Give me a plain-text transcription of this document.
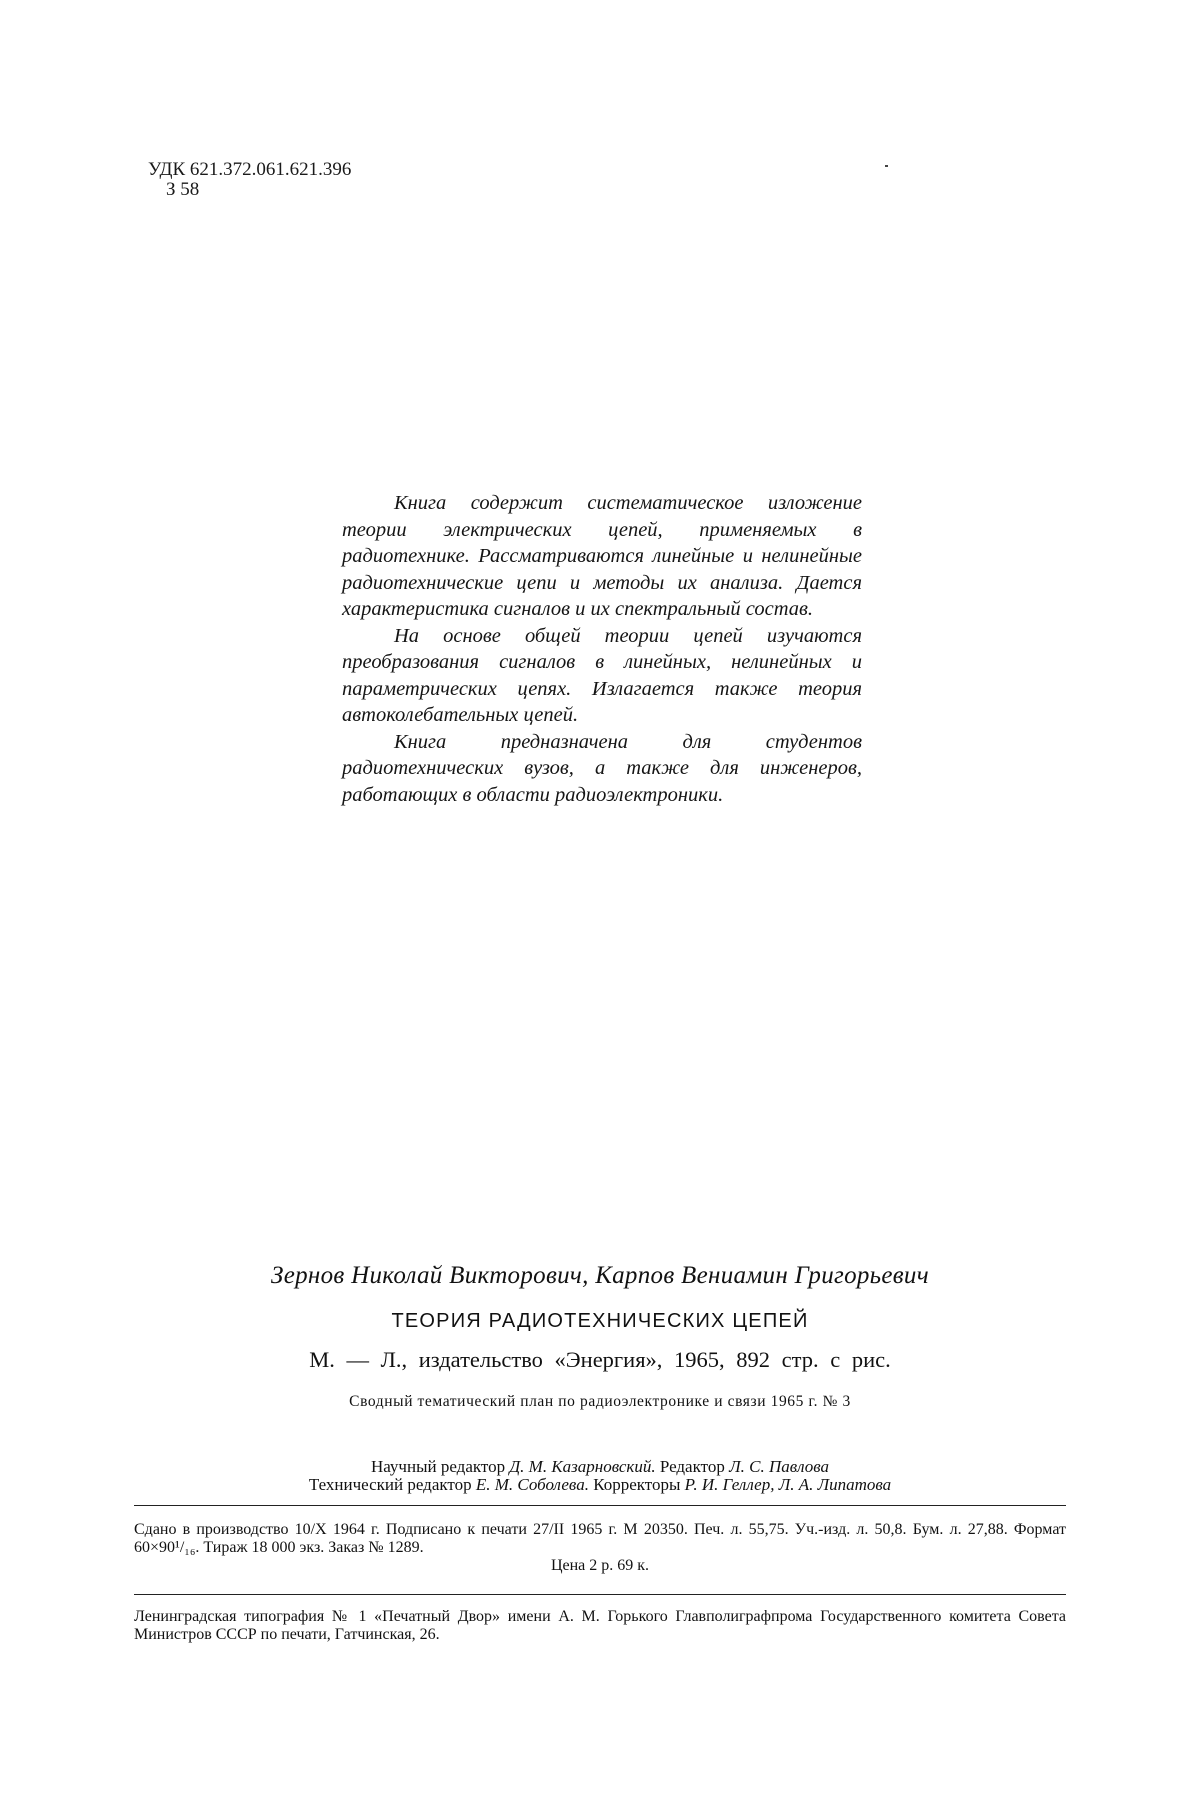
УДК 621.372.061.621.396
З 58

Книга содержит систематическое изложение теории электрических цепей, применяемых в радиотехнике. Рассматриваются линейные и нелинейные радиотехнические цепи и методы их анализа. Дается характеристика сигналов и их спектральный состав.

На основе общей теории цепей изучаются преобразования сигналов в линейных, нелинейных и параметрических цепях. Излагается также теория автоколебательных цепей.

Книга предназначена для студентов радиотехнических вузов, а также для инженеров, работающих в области радиоэлектроники.

Зернов Николай Викторович, Карпов Вениамин Григорьевич
ТЕОРИЯ РАДИОТЕХНИЧЕСКИХ ЦЕПЕЙ
М. — Л., издательство «Энергия», 1965, 892 стр. с рис.
Сводный тематический план по радиоэлектронике и связи 1965 г. № 3
Научный редактор Д. М. Казарновский. Редактор Л. С. Павлова
Технический редактор Е. М. Соболева. Корректоры Р. И. Геллер, Л. А. Липатова
Сдано в производство 10/X 1964 г. Подписано к печати 27/II 1965 г. М 20350. Печ. л. 55,75. Уч.-изд. л. 50,8. Бум. л. 27,88. Формат 60×90¹/₁₆. Тираж 18 000 экз. Заказ № 1289.
Цена 2 р. 69 к.
Ленинградская типография № 1 «Печатный Двор» имени А. М. Горького Главполиграфпрома Государственного комитета Совета Министров СССР по печати, Гатчинская, 26.
